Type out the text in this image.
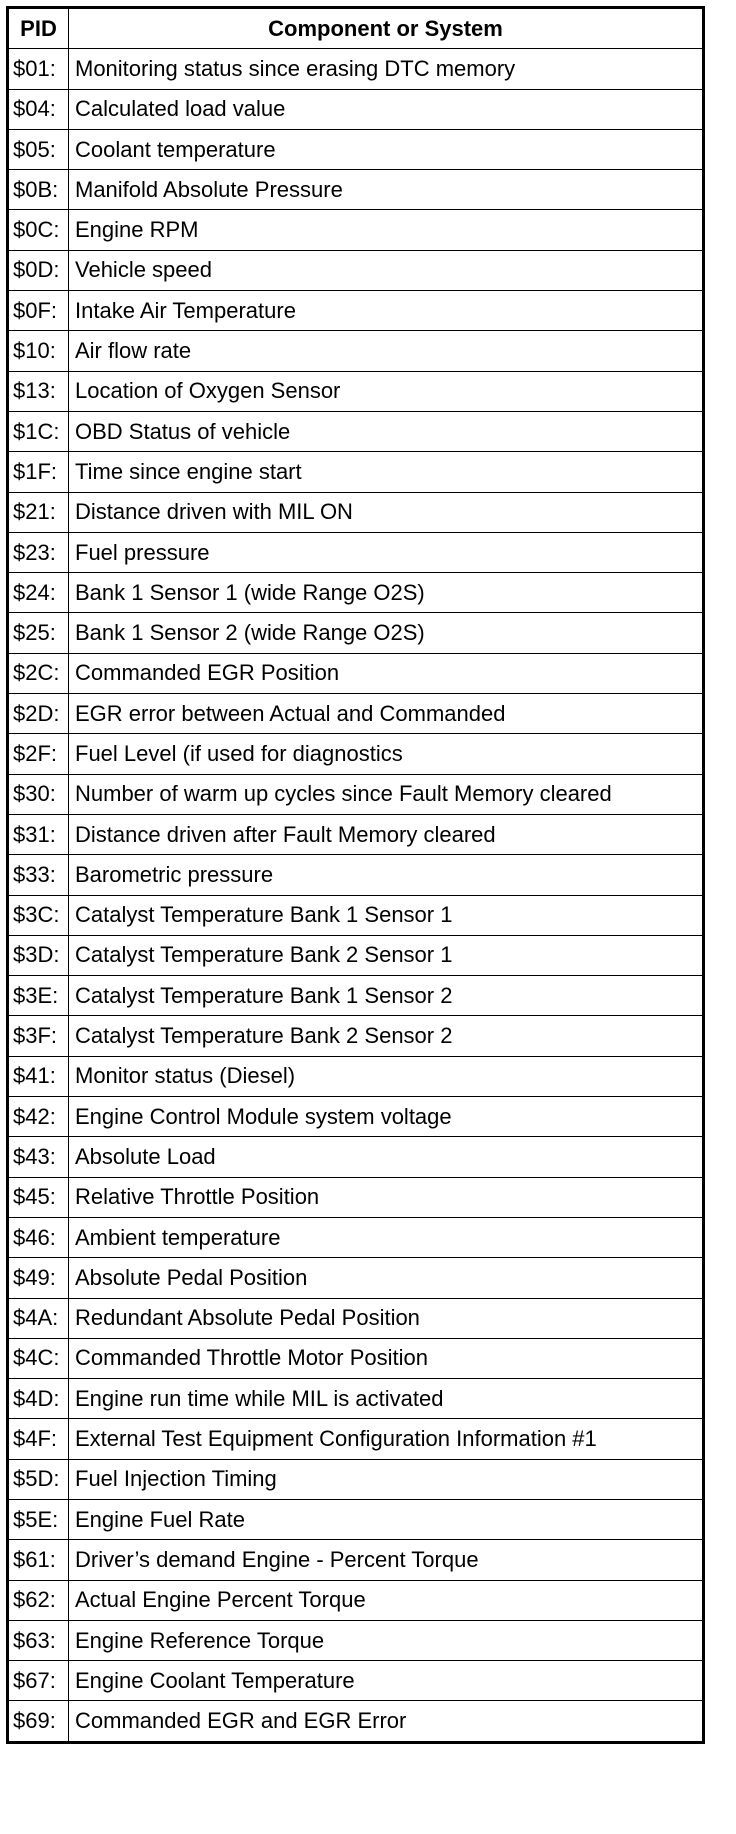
PID	Component or System
$01:	Monitoring status since erasing DTC memory
$04:	Calculated load value
$05:	Coolant temperature
$0B:	Manifold Absolute Pressure
$0C:	Engine RPM
$0D:	Vehicle speed
$0F:	Intake Air Temperature
$10:	Air flow rate
$13:	Location of Oxygen Sensor
$1C:	OBD Status of vehicle
$1F:	Time since engine start
$21:	Distance driven with MIL ON
$23:	Fuel pressure
$24:	Bank 1 Sensor 1 (wide Range O2S)
$25:	Bank 1 Sensor 2 (wide Range O2S)
$2C:	Commanded EGR Position
$2D:	EGR error between Actual and Commanded
$2F:	Fuel Level (if used for diagnostics
$30:	Number of warm up cycles since Fault Memory cleared
$31:	Distance driven after Fault Memory cleared
$33:	Barometric pressure
$3C:	Catalyst Temperature Bank 1 Sensor 1
$3D:	Catalyst Temperature Bank 2 Sensor 1
$3E:	Catalyst Temperature Bank 1 Sensor 2
$3F:	Catalyst Temperature Bank 2 Sensor 2
$41:	Monitor status (Diesel)
$42:	Engine Control Module system voltage
$43:	Absolute Load
$45:	Relative Throttle Position
$46:	Ambient temperature
$49:	Absolute Pedal Position
$4A:	Redundant Absolute Pedal Position
$4C:	Commanded Throttle Motor Position
$4D:	Engine run time while MIL is activated
$4F:	External Test Equipment Configuration Information #1
$5D:	Fuel Injection Timing
$5E:	Engine Fuel Rate
$61:	Driver’s demand Engine - Percent Torque
$62:	Actual Engine Percent Torque
$63:	Engine Reference Torque
$67:	Engine Coolant Temperature
$69:	Commanded EGR and EGR Error
